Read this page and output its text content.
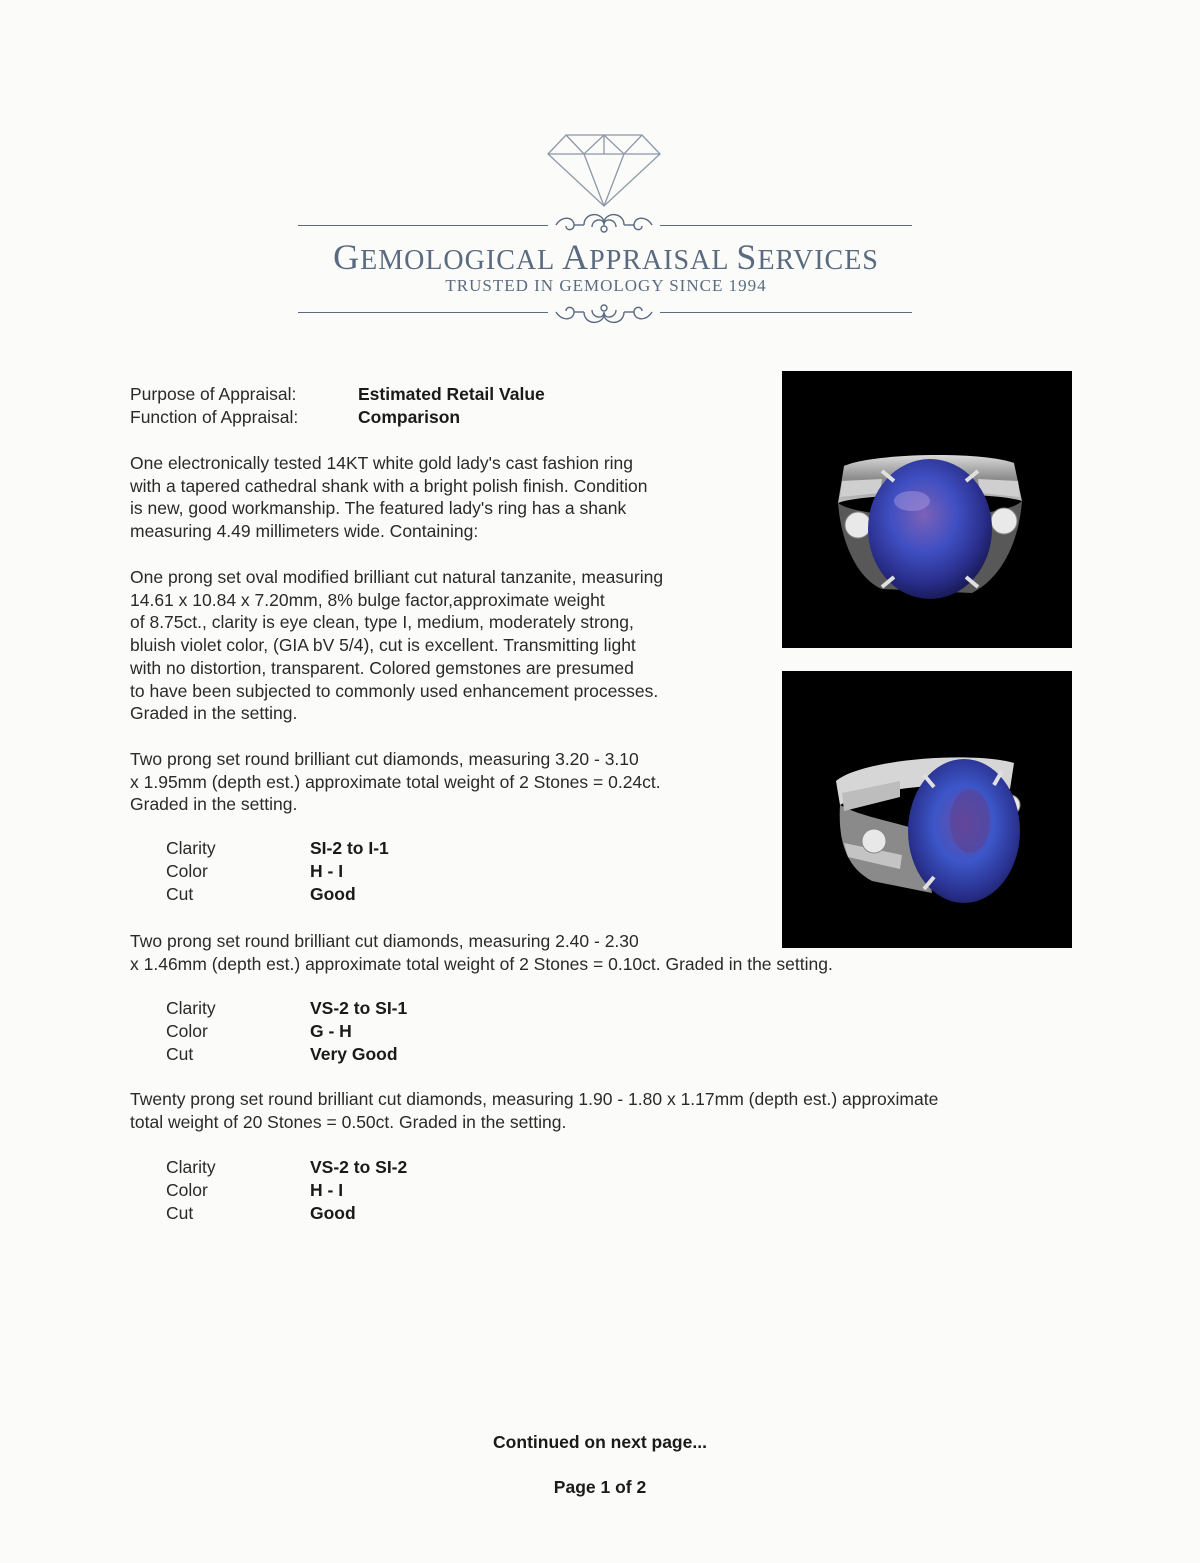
GEMOLOGICAL APPRAISAL SERVICES
TRUSTED IN GEMOLOGY SINCE 1994
Purpose of Appraisal:	Estimated Retail Value
Function of Appraisal:	Comparison
One electronically tested 14KT white gold lady's cast fashion ring
with a tapered cathedral shank with a bright polish finish. Condition
is new, good workmanship. The featured lady's ring has a shank
measuring 4.49 millimeters wide. Containing:
One prong set oval modified brilliant cut natural tanzanite, measuring
14.61 x 10.84 x 7.20mm, 8% bulge factor,approximate weight
of 8.75ct., clarity is eye clean, type I, medium, moderately strong,
bluish violet color, (GIA bV 5/4), cut is excellent. Transmitting light
with no distortion, transparent. Colored gemstones are presumed
to have been subjected to commonly used enhancement processes.
Graded in the setting.
Two prong set round brilliant cut diamonds, measuring 3.20 - 3.10
x 1.95mm (depth est.) approximate total weight of 2 Stones = 0.24ct.
Graded in the setting.
Clarity	SI-2 to I-1
Color	H - I
Cut	Good
Two prong set round brilliant cut diamonds, measuring 2.40 - 2.30
x 1.46mm (depth est.) approximate total weight of 2 Stones = 0.10ct. Graded in the setting.
Clarity	VS-2 to SI-1
Color	G - H
Cut	Very Good
Twenty prong set round brilliant cut diamonds, measuring 1.90 - 1.80 x 1.17mm (depth est.) approximate
total weight of 20 Stones = 0.50ct. Graded in the setting.
Clarity	VS-2 to SI-2
Color	H - I
Cut	Good
Continued on next page...
Page 1 of 2
